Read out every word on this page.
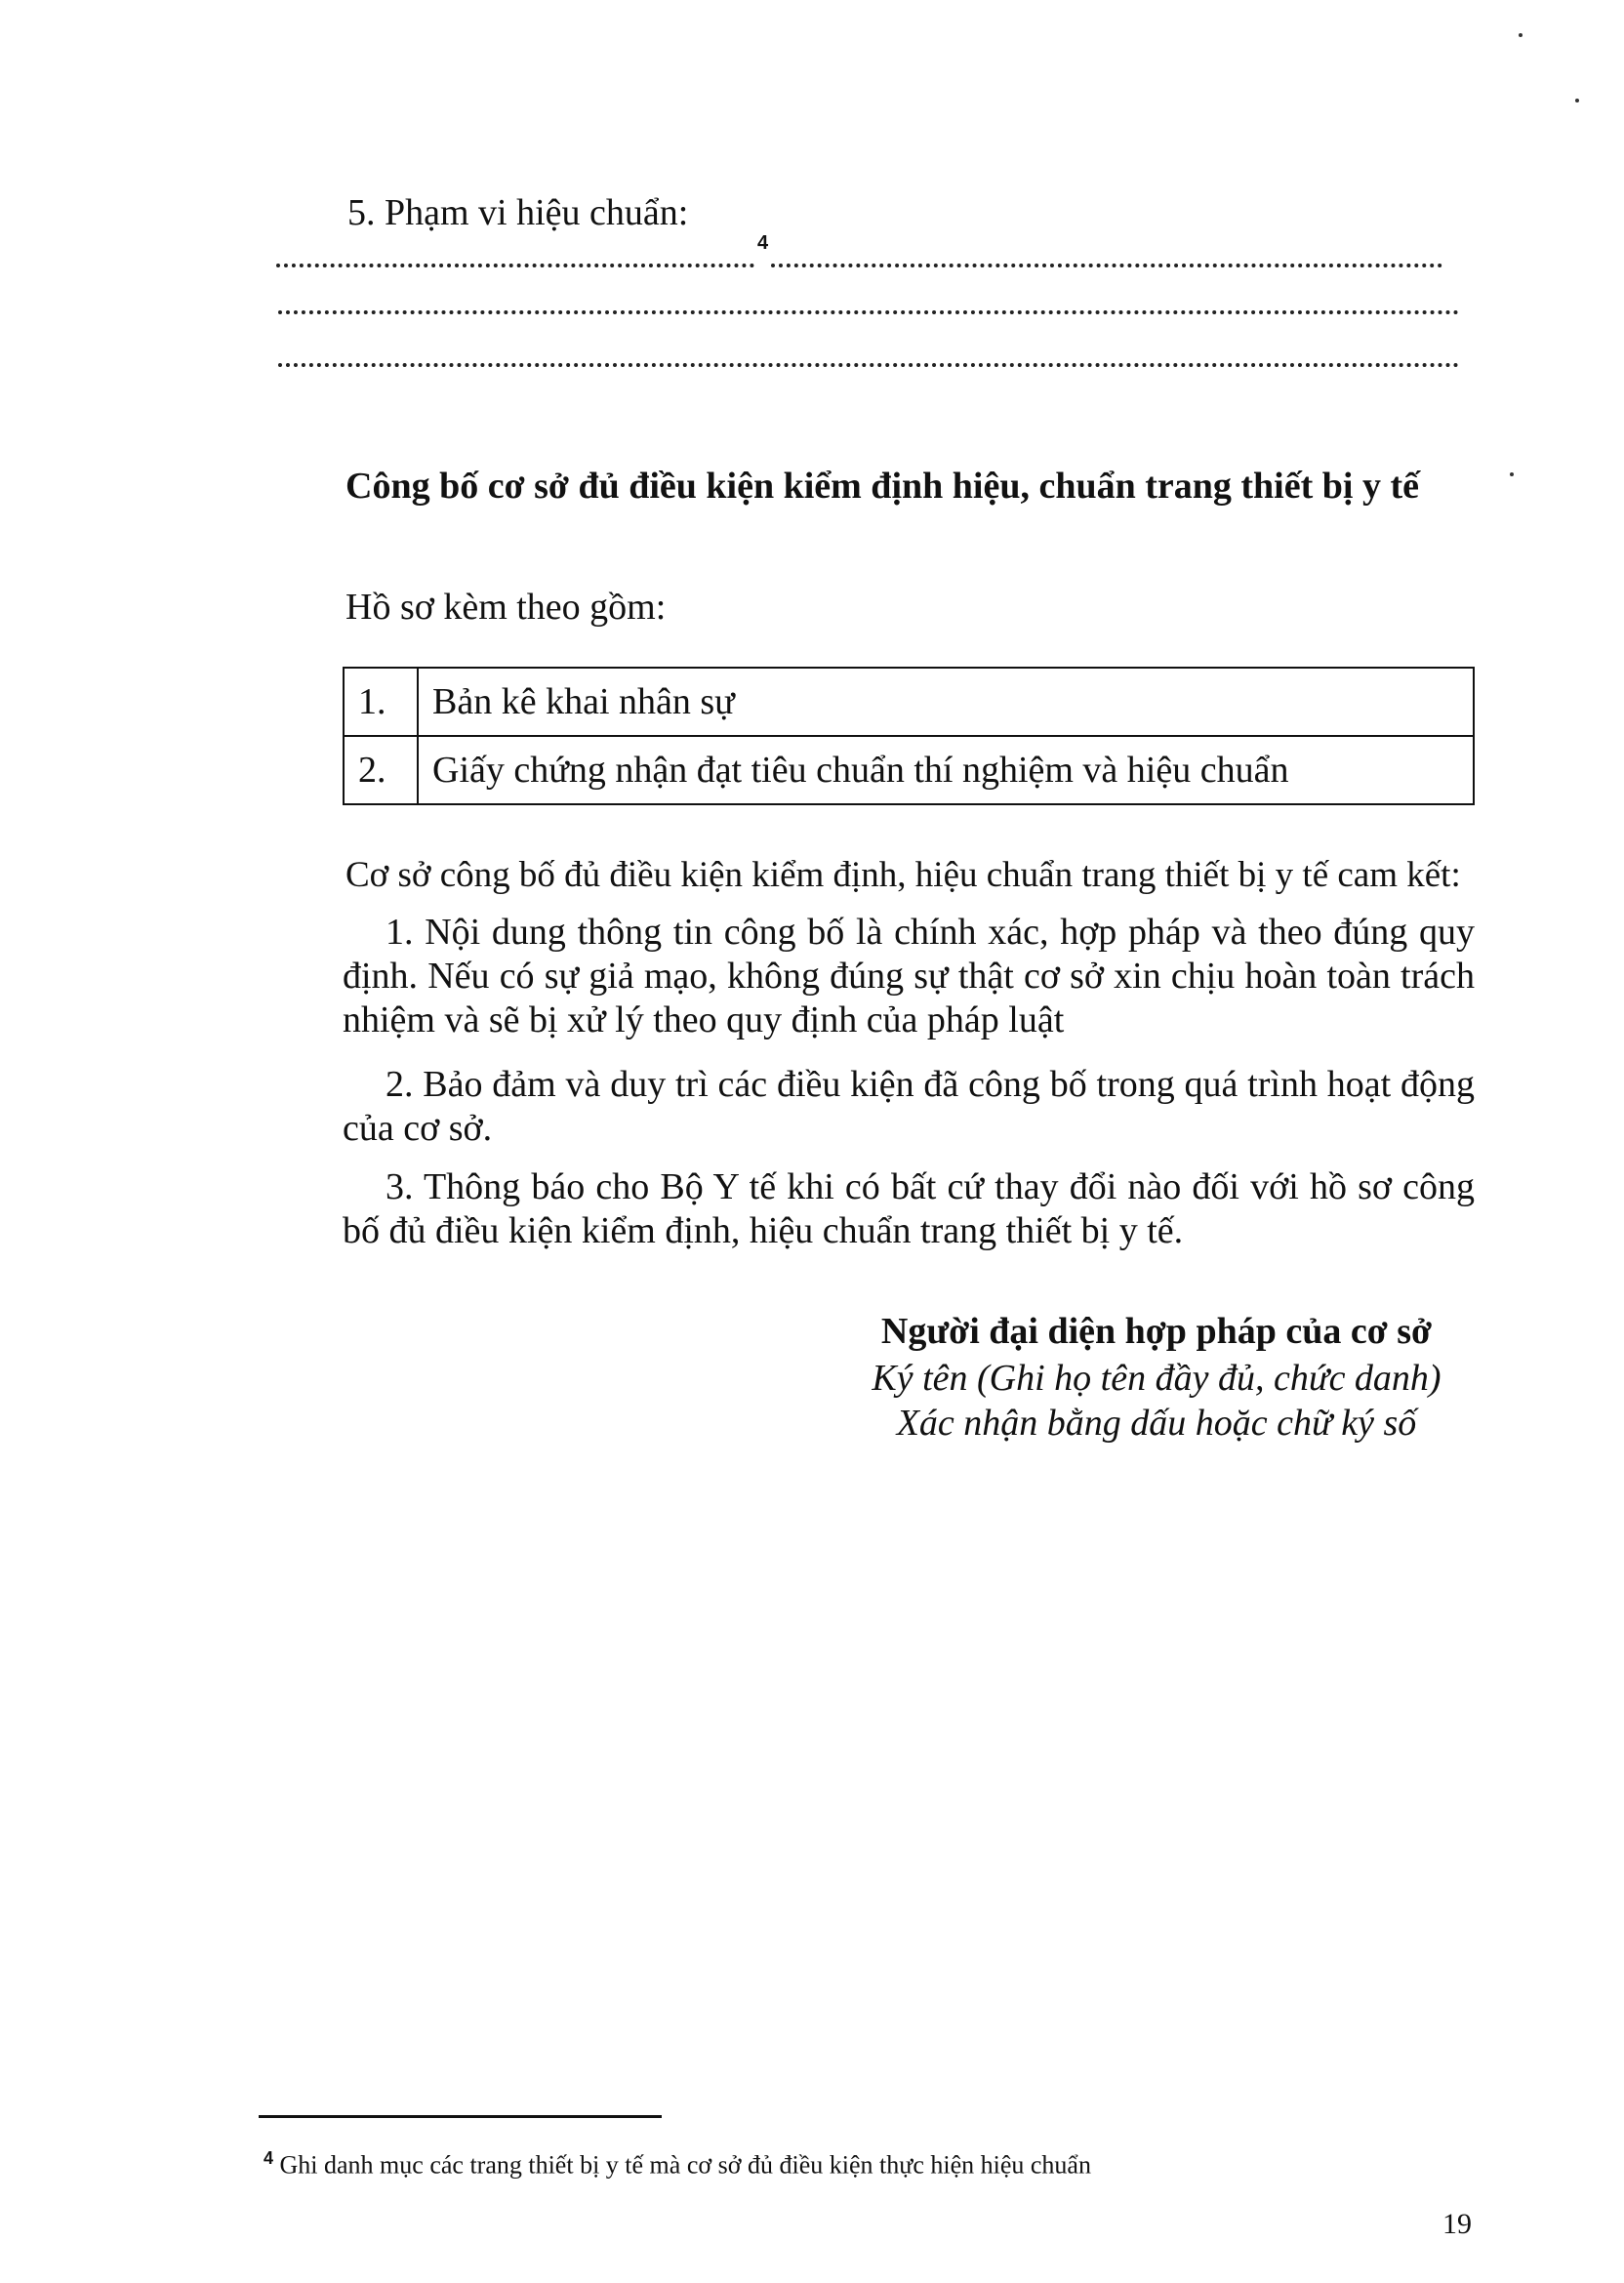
5. Phạm vi hiệu chuẩn:
4
Công bố cơ sở đủ điều kiện kiểm định hiệu, chuẩn trang thiết bị y tế
Hồ sơ kèm theo gồm:
1.	Bản kê khai nhân sự
2.	Giấy chứng nhận đạt tiêu chuẩn thí nghiệm và hiệu chuẩn
Cơ sở công bố đủ điều kiện kiểm định, hiệu chuẩn trang thiết bị y tế cam kết:
1. Nội dung thông tin công bố là chính xác, hợp pháp và theo đúng quy định. Nếu có sự giả mạo, không đúng sự thật cơ sở xin chịu hoàn toàn trách nhiệm và sẽ bị xử lý theo quy định của pháp luật
2. Bảo đảm và duy trì các điều kiện đã công bố trong quá trình hoạt động của cơ sở.
3. Thông báo cho Bộ Y tế khi có bất cứ thay đổi nào đối với hồ sơ công bố đủ điều kiện kiểm định, hiệu chuẩn trang thiết bị y tế.
Người đại diện hợp pháp của cơ sở
Ký tên (Ghi họ tên đầy đủ, chức danh)
Xác nhận bằng dấu hoặc chữ ký số
$^4$ Ghi danh mục các trang thiết bị y tế mà cơ sở đủ điều kiện thực hiện hiệu chuẩn
19
